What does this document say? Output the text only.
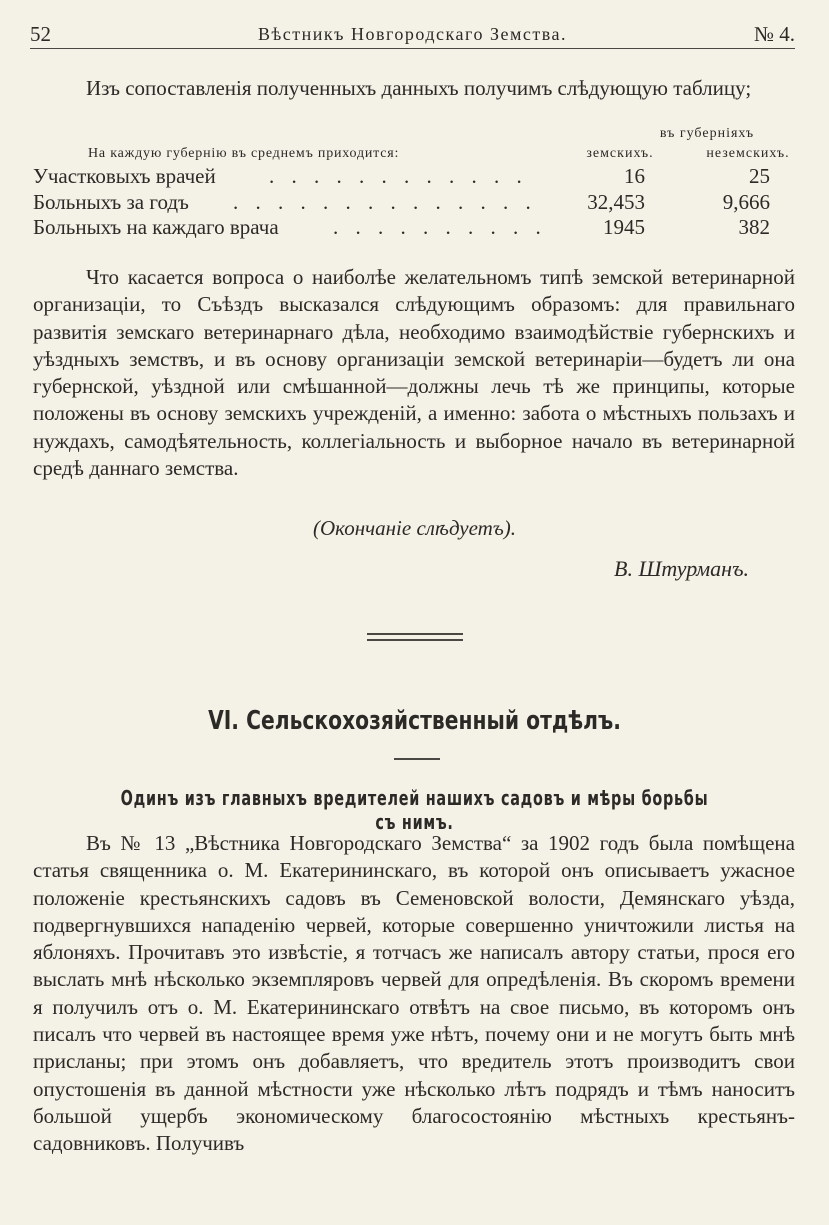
52	Вѣстникъ Новгородскаго Земства.	№ 4.

Изъ сопоставленія полученныхъ данныхъ получимъ слѣдующую таблицу;

въ губерніяхъ
На каждую губернію въ среднемъ приходится:	земскихъ.	неземскихъ.
Участковыхъ врачей	. . . . . . . . . . . .	16	25
Больныхъ за годъ . . . . . . . . . . . . . .	32,453	9,666
Больныхъ на каждаго врача	. . . . . . . . . .	1945	382

Что касается вопроса о наиболѣе желательномъ типѣ земской ветеринарной организаціи, то Съѣздъ высказался слѣдующимъ образомъ: для правильнаго развитія земскаго ветеринарнаго дѣла, необходимо взаимодѣйствіе губернскихъ и уѣздныхъ земствъ, и въ основу организаціи земской ветеринаріи—будетъ ли она губернской, уѣздной или смѣшанной—должны лечь тѣ же принципы, которые положены въ основу земскихъ учрежденій, а именно: забота о мѣстныхъ пользахъ и нуждахъ, самодѣятельность, коллегіальность и выборное начало въ ветеринарной средѣ даннаго земства.

(Окончаніе слѣдуетъ).
В. Штурманъ.
VI. Сельскохозяйственный отдѣлъ.
Одинъ изъ главныхъ вредителей нашихъ садовъ и мѣры борьбы съ нимъ.

Въ № 13 „Вѣстника Новгородскаго Земства“ за 1902 годъ была помѣщена статья священника о. М. Екатерининскаго, въ которой онъ описываетъ ужасное положеніе крестьянскихъ садовъ въ Семеновской волости, Демянскаго уѣзда, подвергнувшихся нападенію червей, которые совершенно уничтожили листья на яблоняхъ. Прочитавъ это извѣстіе, я тотчасъ же написалъ автору статьи, прося его выслать мнѣ нѣсколько экземпляровъ червей для опредѣленія. Въ скоромъ времени я получилъ отъ о. М. Екатерининскаго отвѣтъ на свое письмо, въ которомъ онъ писалъ что червей въ настоящее время уже нѣтъ, почему они и не могутъ быть мнѣ присланы; при этомъ онъ добавляетъ, что вредитель этотъ производитъ свои опустошенія въ данной мѣстности уже нѣсколько лѣтъ подрядъ и тѣмъ наноситъ большой ущербъ экономическому благосостоянію мѣстныхъ крестьянъ-садовниковъ. Получивъ
